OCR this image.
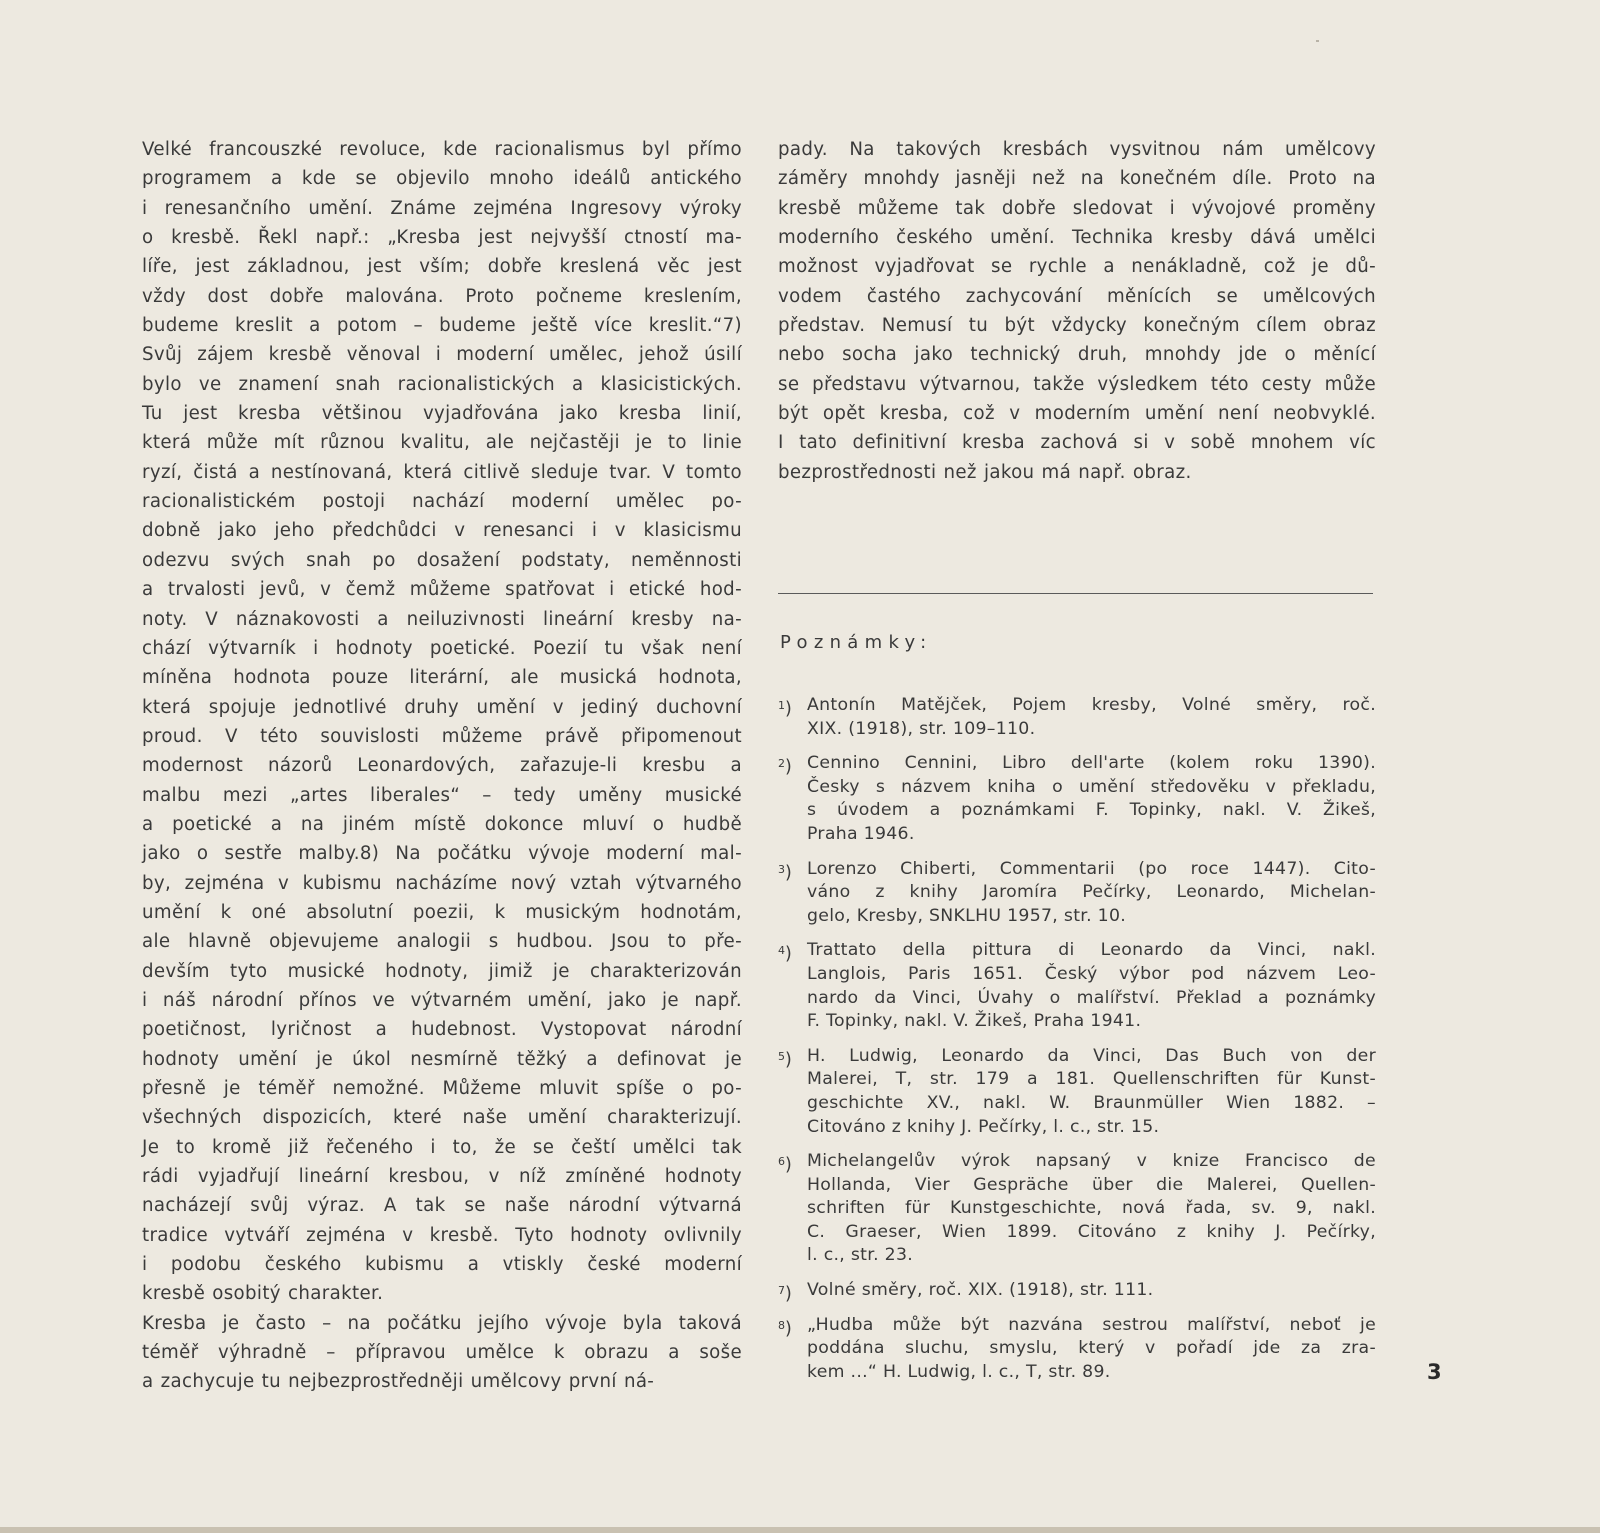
Velké francouszké revoluce, kde racionalismus byl přímo
programem a kde se objevilo mnoho ideálů antického
i renesančního umění. Známe zejména Ingresovy výroky
o kresbě. Řekl např.: „Kresba jest nejvyšší ctností ma-
líře, jest základnou, jest vším; dobře kreslená věc jest
vždy dost dobře malována. Proto počneme kreslením,
budeme kreslit a potom – budeme ještě více kreslit.“7)
Svůj zájem kresbě věnoval i moderní umělec, jehož úsilí
bylo ve znamení snah racionalistických a klasicistických.
Tu jest kresba většinou vyjadřována jako kresba linií,
která může mít různou kvalitu, ale nejčastěji je to linie
ryzí, čistá a nestínovaná, která citlivě sleduje tvar. V tomto
racionalistickém postoji nachází moderní umělec po-
dobně jako jeho předchůdci v renesanci i v klasicismu
odezvu svých snah po dosažení podstaty, neměnnosti
a trvalosti jevů, v čemž můžeme spatřovat i etické hod-
noty. V náznakovosti a neiluzivnosti lineární kresby na-
chází výtvarník i hodnoty poetické. Poezií tu však není
míněna hodnota pouze literární, ale musická hodnota,
která spojuje jednotlivé druhy umění v jediný duchovní
proud. V této souvislosti můžeme právě připomenout
modernost názorů Leonardových, zařazuje-li kresbu a
malbu mezi „artes liberales“ – tedy uměny musické
a poetické a na jiném místě dokonce mluví o hudbě
jako o sestře malby.8) Na počátku vývoje moderní mal-
by, zejména v kubismu nacházíme nový vztah výtvarného
umění k oné absolutní poezii, k musickým hodnotám,
ale hlavně objevujeme analogii s hudbou. Jsou to pře-
devším tyto musické hodnoty, jimiž je charakterizován
i náš národní přínos ve výtvarném umění, jako je např.
poetičnost, lyričnost a hudebnost. Vystopovat národní
hodnoty umění je úkol nesmírně těžký a definovat je
přesně je téměř nemožné. Můžeme mluvit spíše o po-
všechných dispozicích, které naše umění charakterizují.
Je to kromě již řečeného i to, že se čeští umělci tak
rádi vyjadřují lineární kresbou, v níž zmíněné hodnoty
nacházejí svůj výraz. A tak se naše národní výtvarná
tradice vytváří zejména v kresbě. Tyto hodnoty ovlivnily
i podobu českého kubismu a vtiskly české moderní
kresbě osobitý charakter.
Kresba je často – na počátku jejího vývoje byla taková
téměř výhradně – přípravou umělce k obrazu a soše
a zachycuje tu nejbezprostředněji umělcovy první ná-
pady. Na takových kresbách vysvitnou nám umělcovy
záměry mnohdy jasněji než na konečném díle. Proto na
kresbě můžeme tak dobře sledovat i vývojové proměny
moderního českého umění. Technika kresby dává umělci
možnost vyjadřovat se rychle a nenákladně, což je dů-
vodem častého zachycování měnících se umělcových
představ. Nemusí tu být vždycky konečným cílem obraz
nebo socha jako technický druh, mnohdy jde o měnící
se představu výtvarnou, takže výsledkem této cesty může
být opět kresba, což v moderním umění není neobvyklé.
I tato definitivní kresba zachová si v sobě mnohem víc
bezprostřednosti než jakou má např. obraz.
Poznámky:
$^1$) Antonín Matějček, Pojem kresby, Volné směry, roč.
XIX. (1918), str. 109–110.
$^2$) Cennino Cennini, Libro dell'arte (kolem roku 1390).
Česky s názvem kniha o umění středověku v překladu,
s úvodem a poznámkami F. Topinky, nakl. V. Žikeš,
Praha 1946.
$^3$) Lorenzo Chiberti, Commentarii (po roce 1447). Cito-
váno z knihy Jaromíra Pečírky, Leonardo, Michelan-
gelo, Kresby, SNKLHU 1957, str. 10.
$^4$) Trattato della pittura di Leonardo da Vinci, nakl.
Langlois, Paris 1651. Český výbor pod názvem Leo-
nardo da Vinci, Úvahy o malířství. Překlad a poznámky
F. Topinky, nakl. V. Žikeš, Praha 1941.
$^5$) H. Ludwig, Leonardo da Vinci, Das Buch von der
Malerei, T, str. 179 a 181. Quellenschriften für Kunst-
geschichte XV., nakl. W. Braunmüller Wien 1882. –
Citováno z knihy J. Pečírky, l. c., str. 15.
$^6$) Michelangelův výrok napsaný v knize Francisco de
Hollanda, Vier Gespräche über die Malerei, Quellen-
schriften für Kunstgeschichte, nová řada, sv. 9, nakl.
C. Graeser, Wien 1899. Citováno z knihy J. Pečírky,
l. c., str. 23.
$^7$) Volné směry, roč. XIX. (1918), str. 111.
$^8$) „Hudba může být nazvána sestrou malířství, neboť je
poddána sluchu, smyslu, který v pořadí jde za zra-
kem ...“ H. Ludwig, l. c., T, str. 89.	3
